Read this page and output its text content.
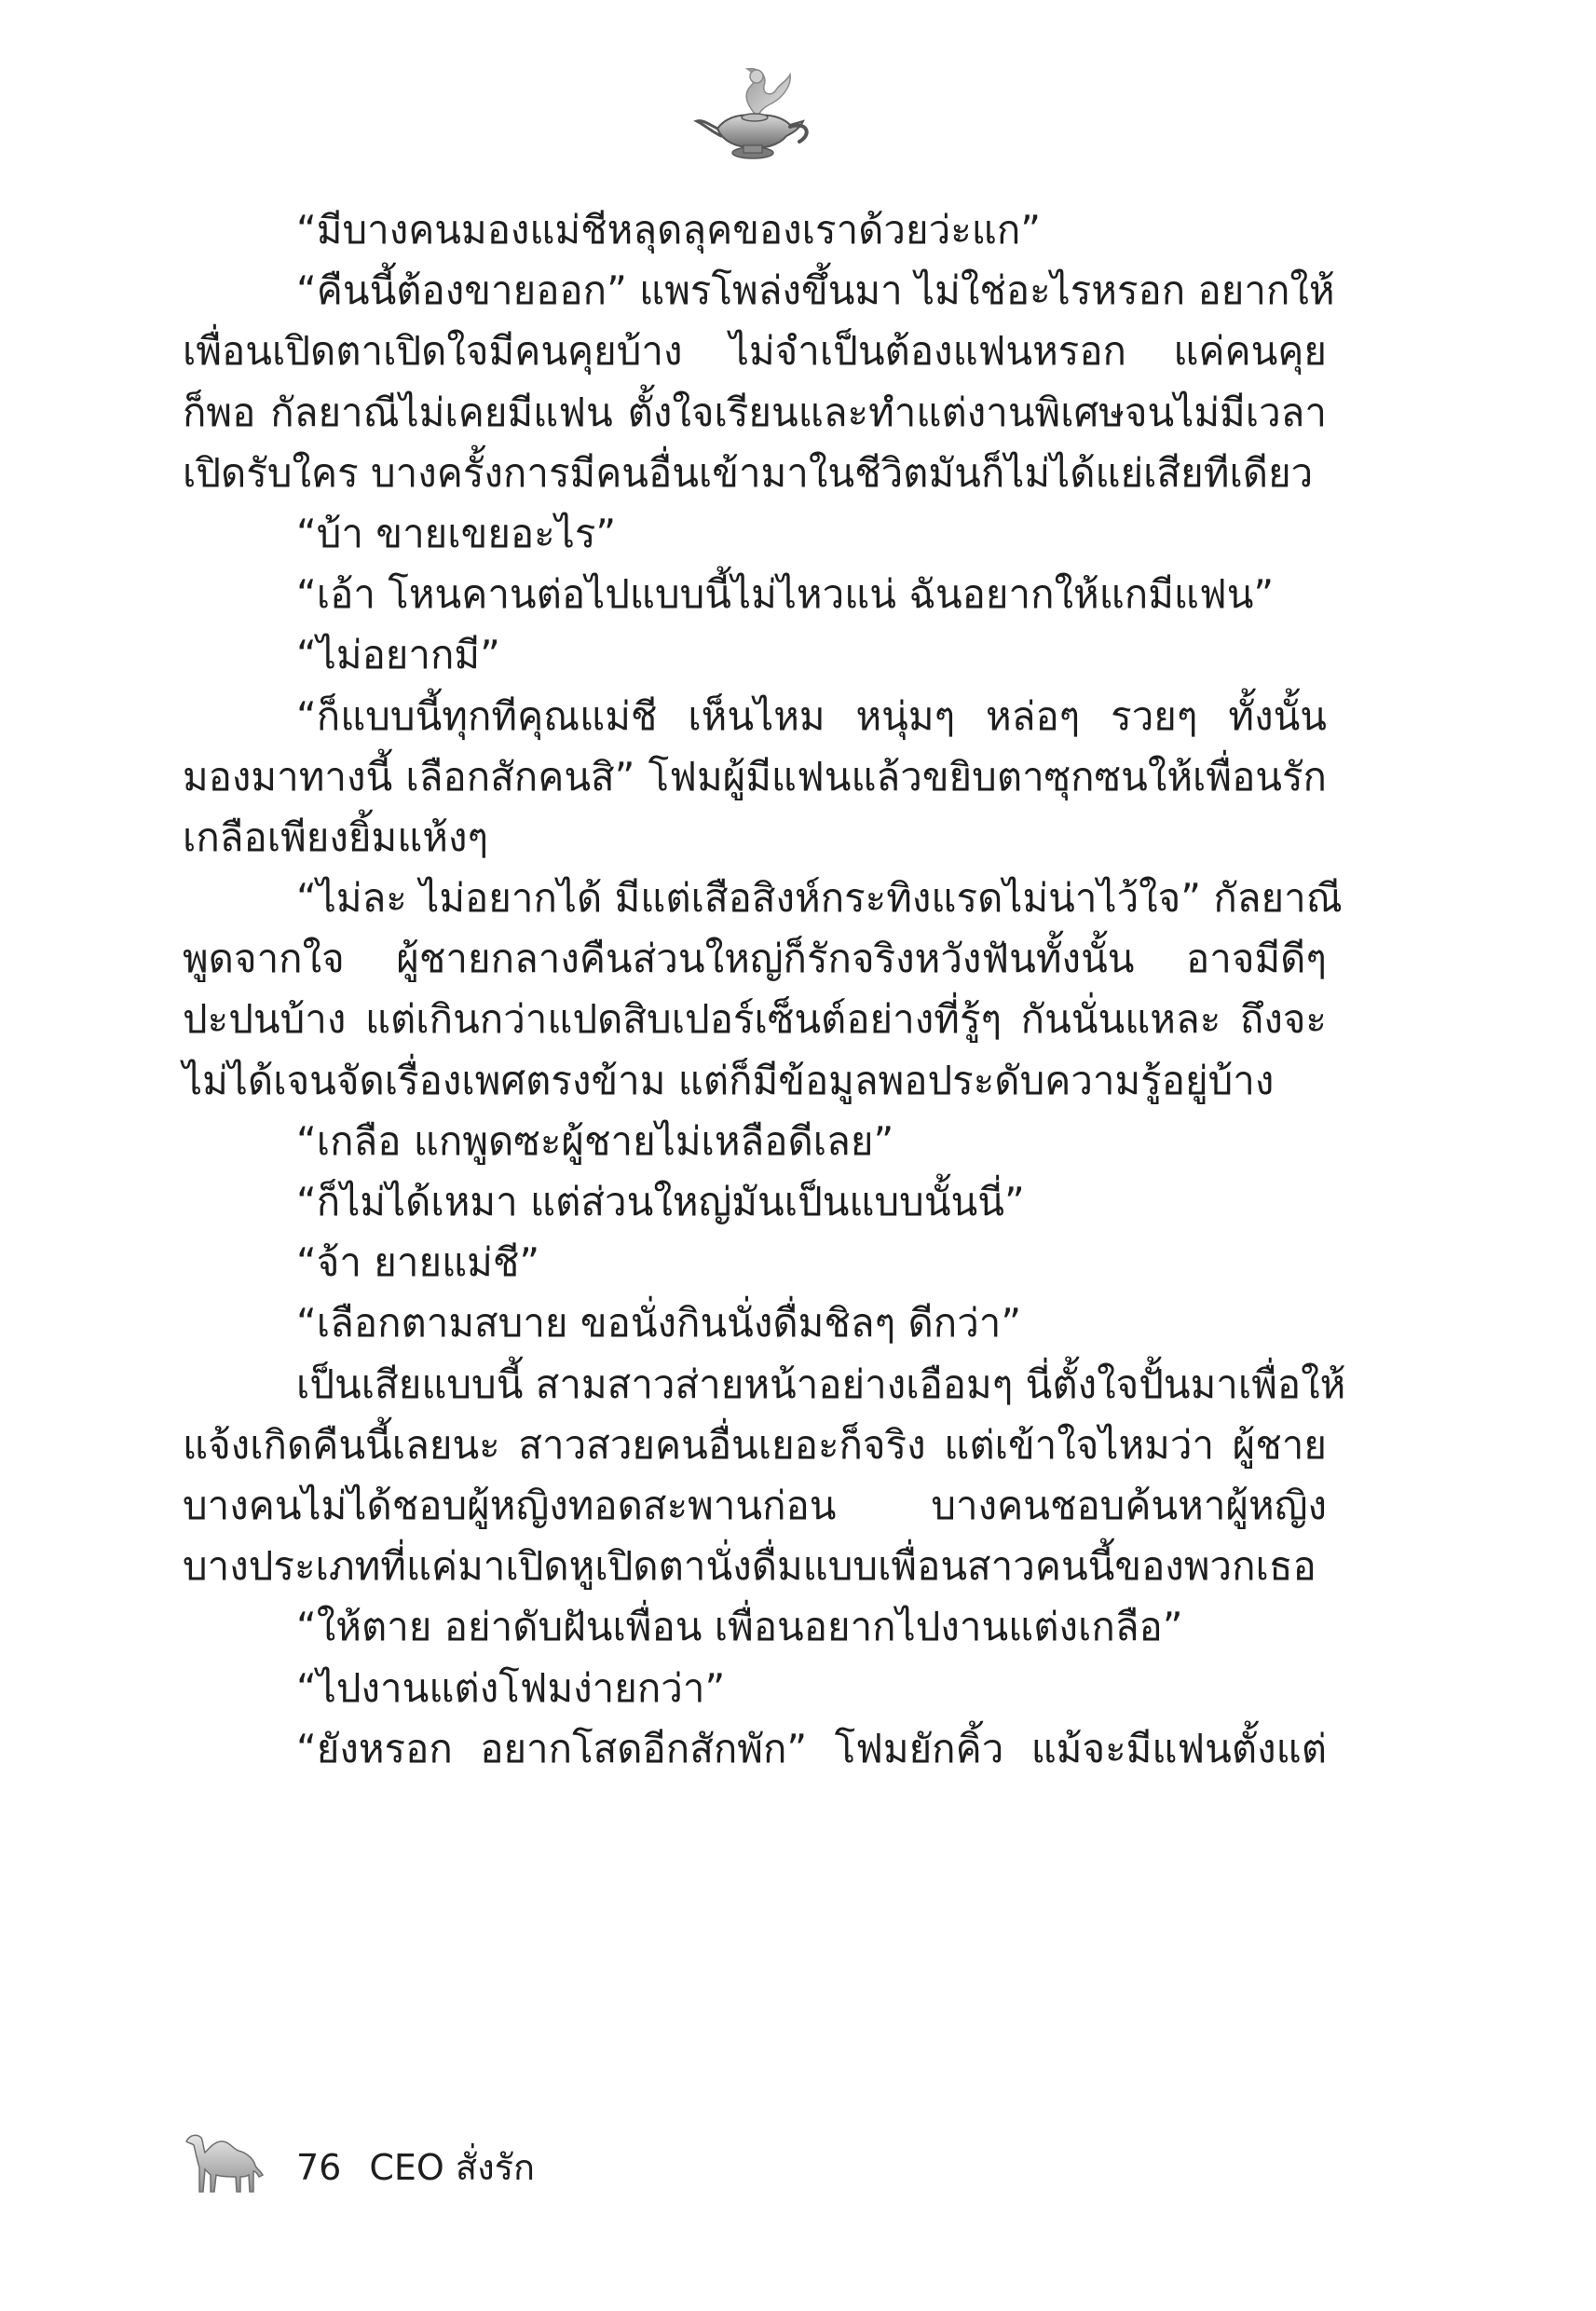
“มีบางคนมองแม่ชีหลุดลุคของเราด้วยว่ะแก”
“คืนนี้ต้องขายออก” แพรโพล่งขึ้นมา ไม่ใช่อะไรหรอก อยากให้
เพื่อนเปิดตาเปิดใจมีคนคุยบ้าง ไม่จำเป็นต้องแฟนหรอก แค่คนคุย
ก็พอ กัลยาณีไม่เคยมีแฟน ตั้งใจเรียนและทำแต่งานพิเศษจนไม่มีเวลา
เปิดรับใคร บางครั้งการมีคนอื่นเข้ามาในชีวิตมันก็ไม่ได้แย่เสียทีเดียว
“บ้า ขายเขยอะไร”
“เอ้า โหนคานต่อไปแบบนี้ไม่ไหวแน่ ฉันอยากให้แกมีแฟน”
“ไม่อยากมี”
“ก็แบบนี้ทุกทีคุณแม่ชี เห็นไหม หนุ่มๆ หล่อๆ รวยๆ ทั้งนั้น
มองมาทางนี้ เลือกสักคนสิ” โฟมผู้มีแฟนแล้วขยิบตาซุกซนให้เพื่อนรัก
เกลือเพียงยิ้มแห้งๆ
“ไม่ละ ไม่อยากได้ มีแต่เสือสิงห์กระทิงแรดไม่น่าไว้ใจ” กัลยาณี
พูดจากใจ ผู้ชายกลางคืนส่วนใหญ่ก็รักจริงหวังฟันทั้งนั้น อาจมีดีๆ
ปะปนบ้าง แต่เกินกว่าแปดสิบเปอร์เซ็นต์อย่างที่รู้ๆ กันนั่นแหละ ถึงจะ
ไม่ได้เจนจัดเรื่องเพศตรงข้าม แต่ก็มีข้อมูลพอประดับความรู้อยู่บ้าง
“เกลือ แกพูดซะผู้ชายไม่เหลือดีเลย”
“ก็ไม่ได้เหมา แต่ส่วนใหญ่มันเป็นแบบนั้นนี่”
“จ้า ยายแม่ชี”
“เลือกตามสบาย ขอนั่งกินนั่งดื่มชิลๆ ดีกว่า”
เป็นเสียแบบนี้ สามสาวส่ายหน้าอย่างเอือมๆ นี่ตั้งใจปั้นมาเพื่อให้
แจ้งเกิดคืนนี้เลยนะ สาวสวยคนอื่นเยอะก็จริง แต่เข้าใจไหมว่า ผู้ชาย
บางคนไม่ได้ชอบผู้หญิงทอดสะพานก่อน บางคนชอบค้นหาผู้หญิง
บางประเภทที่แค่มาเปิดหูเปิดตานั่งดื่มแบบเพื่อนสาวคนนี้ของพวกเธอ
“ให้ตาย อย่าดับฝันเพื่อน เพื่อนอยากไปงานแต่งเกลือ”
“ไปงานแต่งโฟมง่ายกว่า”
“ยังหรอก อยากโสดอีกสักพัก” โฟมยักคิ้ว แม้จะมีแฟนตั้งแต่
76 CEO สั่งรัก
